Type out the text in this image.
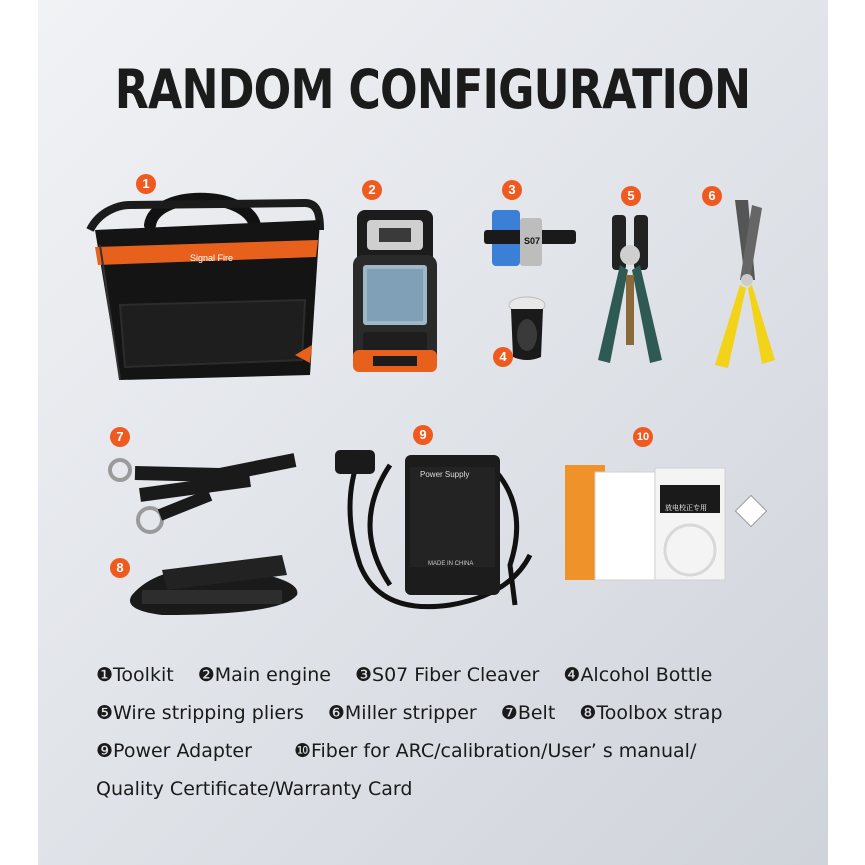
RANDOM CONFIGURATION
1	2	3
4
5	6
7
8
9	10
Signal Fire
S07
Power Supply
MADE IN CHINA
放电校正专用
❶Toolkit ❷Main engine ❸S07 Fiber Cleaver ❹Alcohol Bottle
❺Wire stripping pliers ❻Miller stripper ❼Belt ❽Toolbox strap
❾Power Adapter ❿Fiber for ARC/calibration/User’ s manual/
Quality Certificate/Warranty Card
